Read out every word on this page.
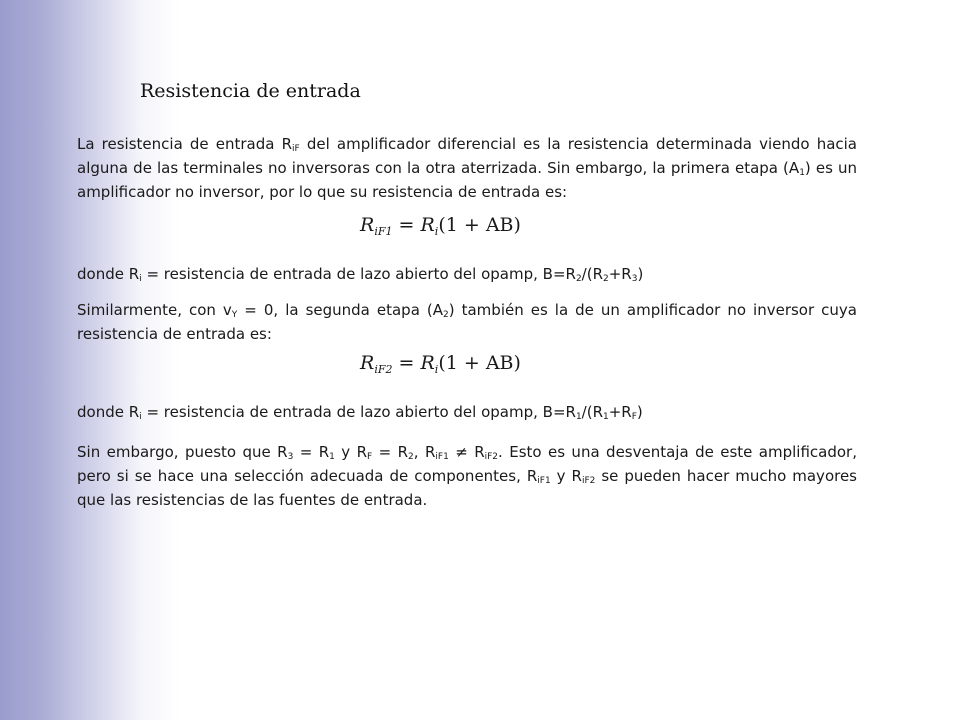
Resistencia de entrada
La resistencia de entrada $R_{iF}$ del amplificador diferencial es la resistencia determinada viendo hacia alguna de las terminales no inversoras con la otra aterrizada. Sin embargo, la primera etapa $(A_1)$ es un amplificador no inversor, por lo que su resistencia de entrada es:
$R_{iF1} = R_i(1 + AB)$
donde $R_i$ = resistencia de entrada de lazo abierto del opamp, $B=R_2/(R_2+R_3)$
Similarmente, con $v_Y = 0$, la segunda etapa $(A_2)$ también es la de un amplificador no inversor cuya resistencia de entrada es:
$R_{iF2} = R_i(1 + AB)$
donde $R_i$ = resistencia de entrada de lazo abierto del opamp, $B=R_1/(R_1+R_F)$
Sin embargo, puesto que $R_3 = R_1$ y $R_F = R_2$, $R_{iF1} \ne R_{iF2}$. Esto es una desventaja de este amplificador, pero si se hace una selección adecuada de componentes, $R_{iF1}$ y $R_{iF2}$ se pueden hacer mucho mayores que las resistencias de las fuentes de entrada.
